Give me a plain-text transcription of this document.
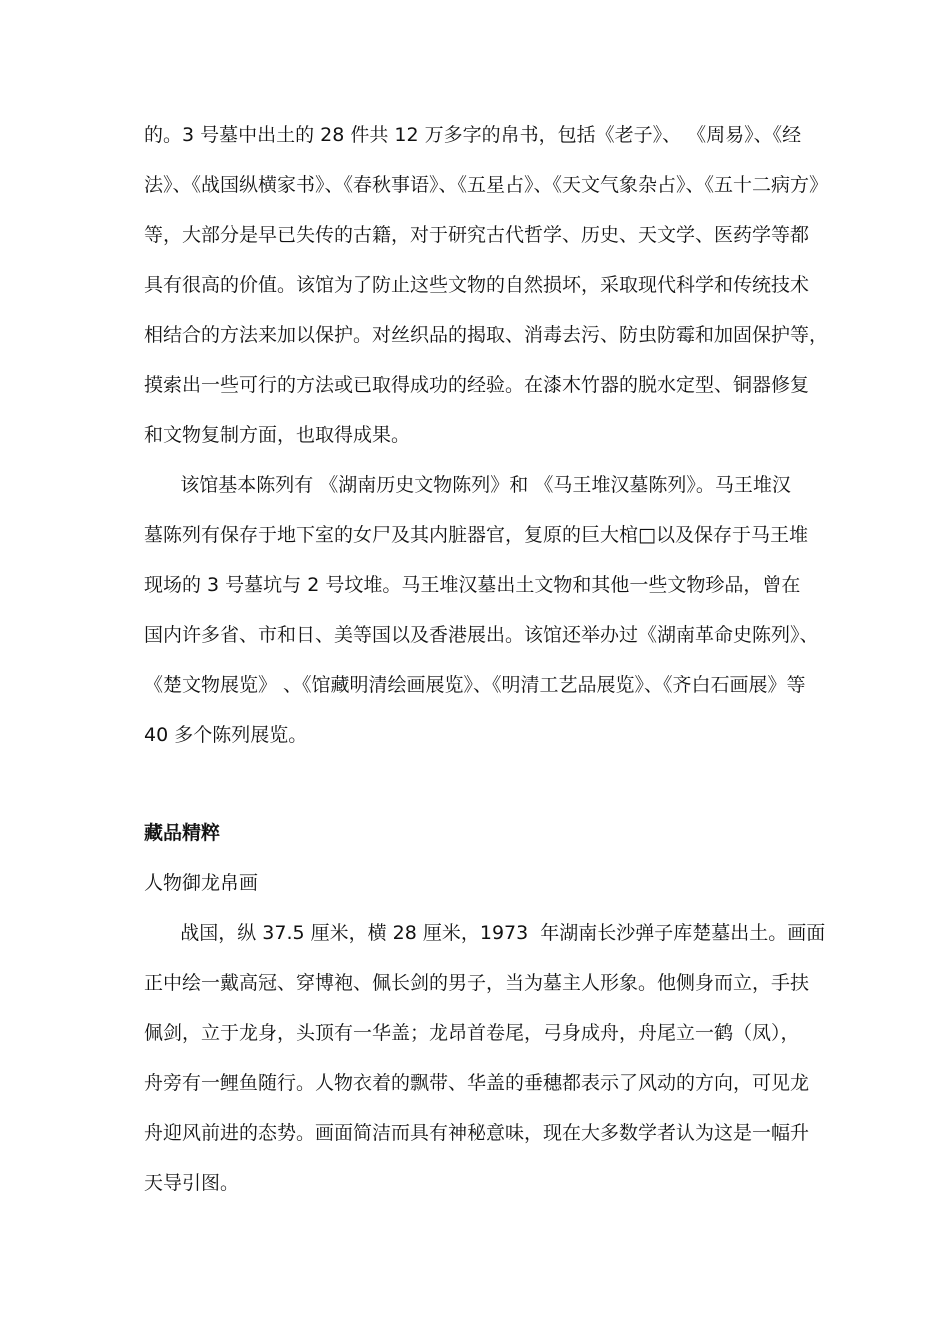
的。3 号墓中出土的 28 件共 12 万多字的帛书，包括《老子》、 《周易》、《经
法》、《战国纵横家书》、《春秋事语》、《五星占》、《天文气象杂占》、《五十二病方》
等，大部分是早已失传的古籍，对于研究古代哲学、历史、天文学、医药学等都
具有很高的价值。该馆为了防止这些文物的自然损坏，采取现代科学和传统技术
相结合的方法来加以保护。对丝织品的揭取、消毒去污、防虫防霉和加固保护等，
摸索出一些可行的方法或已取得成功的经验。在漆木竹器的脱水定型、铜器修复
和文物复制方面，也取得成果。
该馆基本陈列有 《湖南历史文物陈列》和 《马王堆汉墓陈列》。马王堆汉
墓陈列有保存于地下室的女尸及其内脏器官，复原的巨大棺□以及保存于马王堆
现场的 3 号墓坑与 2 号坟堆。马王堆汉墓出土文物和其他一些文物珍品，曾在
国内许多省、市和日、美等国以及香港展出。该馆还举办过《湖南革命史陈列》、
《楚文物展览》 、《馆藏明清绘画展览》、《明清工艺品展览》、《齐白石画展》等
40 多个陈列展览。
藏品精粹
人物御龙帛画
战国，纵 37.5 厘米，横 28 厘米，1973  年湖南长沙弹子库楚墓出土。画面
正中绘一戴高冠、穿博袍、佩长剑的男子，当为墓主人形象。他侧身而立，手扶
佩剑，立于龙身，头顶有一华盖；龙昂首卷尾，弓身成舟，舟尾立一鹤（凤），
舟旁有一鲤鱼随行。人物衣着的飘带、华盖的垂穗都表示了风动的方向，可见龙
舟迎风前进的态势。画面简洁而具有神秘意味，现在大多数学者认为这是一幅升
天导引图。
